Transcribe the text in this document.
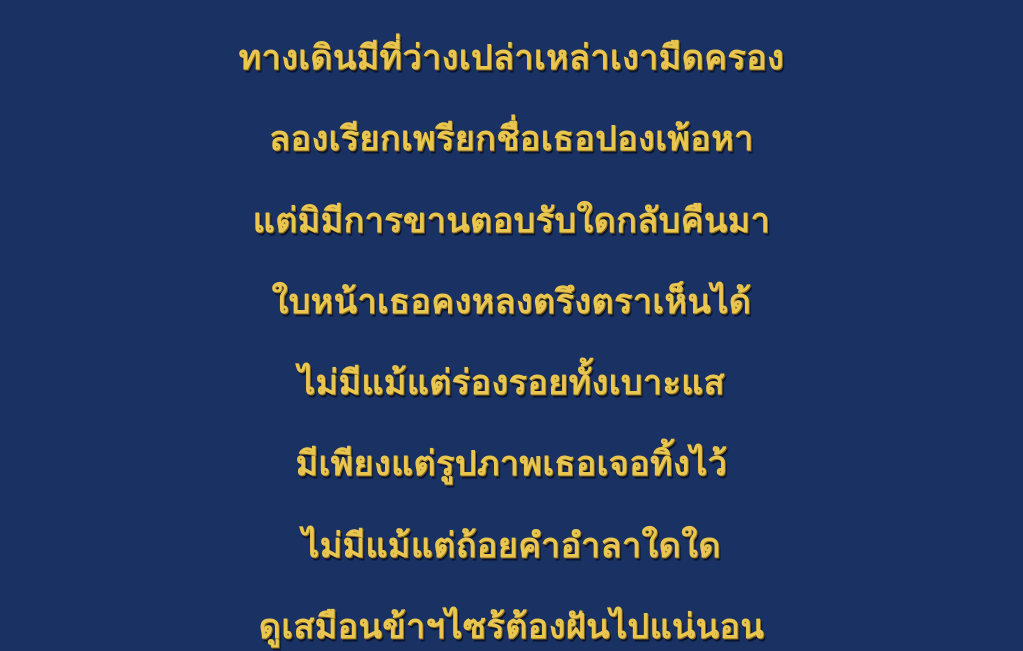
ทางเดินมีที่ว่างเปล่าเหล่าเงามืดครอง
ลองเรียกเพรียกชื่อเธอปองเพ้อหา
แต่มิมีการขานตอบรับใดกลับคืนมา
ใบหน้าเธอคงหลงตรึงตราเห็นได้
ไม่มีแม้แต่ร่องรอยทั้งเบาะแส
มีเพียงแต่รูปภาพเธอเจอทิ้งไว้
ไม่มีแม้แต่ถ้อยคำอำลาใดใด
ดูเสมือนข้าฯไซร้ต้องฝันไปแน่นอน
